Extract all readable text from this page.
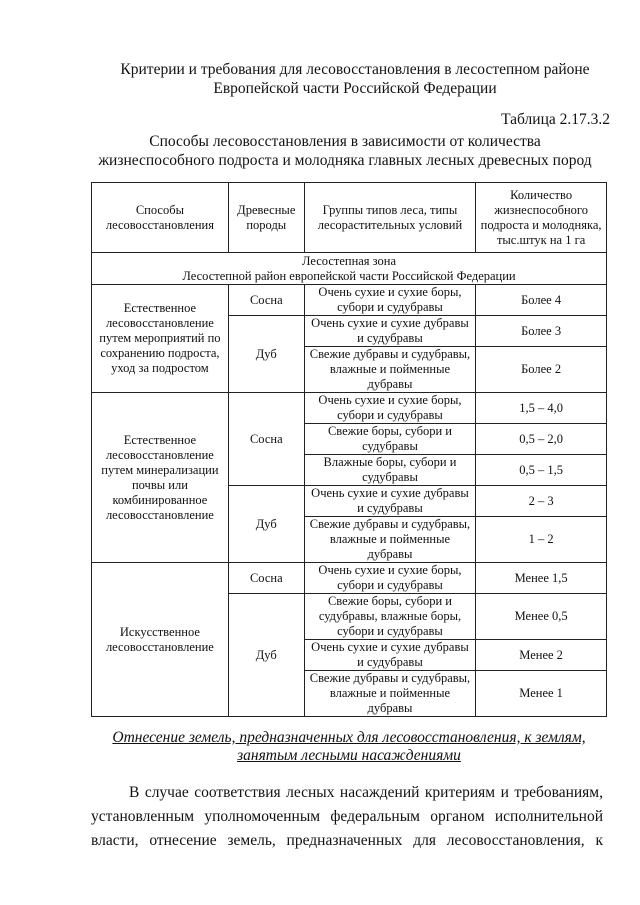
Критерии и требования для лесовосстановления в лесостепном районе
Европейской части Российской Федерации
Таблица 2.17.3.2
Способы лесовосстановления в зависимости от количества
жизнеспособного подроста и молодняка главных лесных древесных пород
Способы лесовосстановления	Древесные породы	Группы типов леса, типы лесорастительных условий	Количество жизнеспособного подроста и молодняка, тыс.штук на 1 га

Лесостепная зона
Лесостепной район европейской части Российской Федерации			

Естественное лесовосстановление путем мероприятий по сохранению подроста, уход за подростом	Сосна	Очень сухие и сухие боры, субори и судубравы	Более 4
	Дуб	Очень сухие и сухие дубравы и судубравы	Более 3
		Свежие дубравы и судубравы, влажные и пойменные дубравы	Более 2
Естественное лесовосстановление путем минерализации почвы или комбинированное лесовосстановление	Сосна	Очень сухие и сухие боры, субори и судубравы	1,5 – 4,0
		Свежие боры, субори и судубравы	0,5 – 2,0
		Влажные боры, субори и судубравы	0,5 – 1,5
	Дуб	Очень сухие и сухие дубравы и судубравы	2 – 3
		Свежие дубравы и судубравы, влажные и пойменные дубравы	1 – 2
Искусственное лесовосстановление	Сосна	Очень сухие и сухие боры, субори и судубравы	Менее 1,5
	Дуб	Свежие боры, субори и судубравы, влажные боры, субори и судубравы	Менее 0,5
		Очень сухие и сухие дубравы и судубравы	Менее 2
		Свежие дубравы и судубравы, влажные и пойменные дубравы	Менее 1
Отнесение земель, предназначенных для лесовосстановления, к землям,
занятым лесными насаждениями
В случае соответствия лесных насаждений критериям и требованиям,
установленным уполномоченным федеральным органом исполнительной
власти, отнесение земель, предназначенных для лесовосстановления, к
